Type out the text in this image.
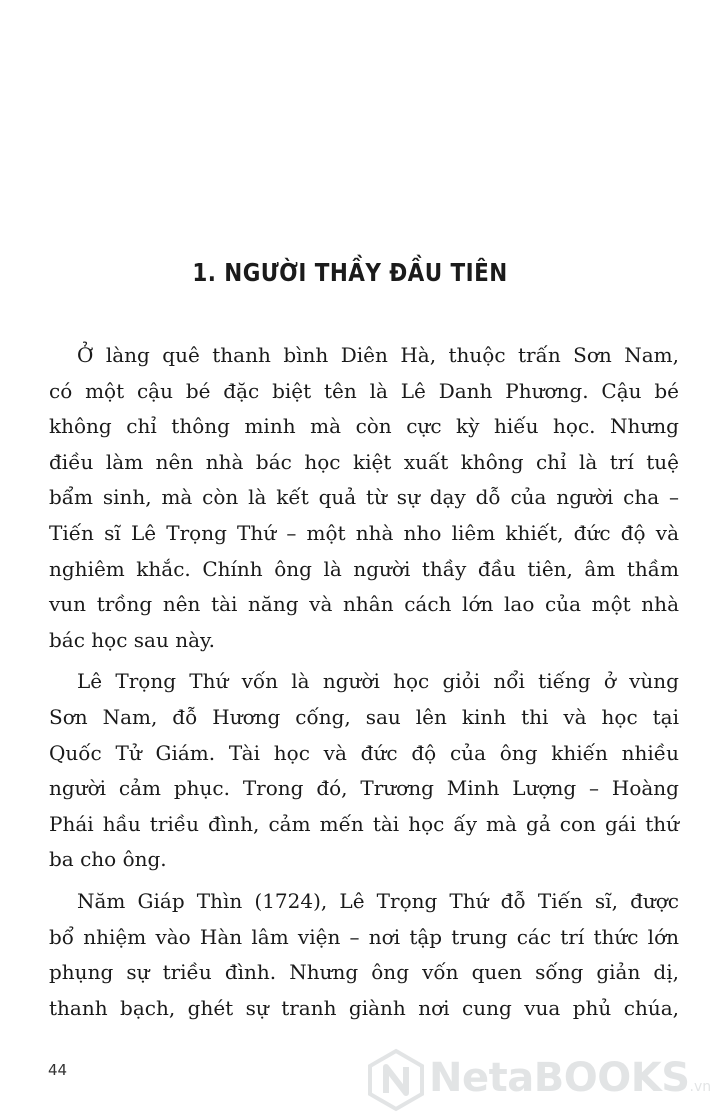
1. NGƯỜI THẦY ĐẦU TIÊN
Ở làng quê thanh bình Diên Hà, thuộc trấn Sơn Nam,
có một cậu bé đặc biệt tên là Lê Danh Phương. Cậu bé
không chỉ thông minh mà còn cực kỳ hiếu học. Nhưng
điều làm nên nhà bác học kiệt xuất không chỉ là trí tuệ
bẩm sinh, mà còn là kết quả từ sự dạy dỗ của người cha –
Tiến sĩ Lê Trọng Thứ – một nhà nho liêm khiết, đức độ và
nghiêm khắc. Chính ông là người thầy đầu tiên, âm thầm
vun trồng nên tài năng và nhân cách lớn lao của một nhà
bác học sau này.
Lê Trọng Thứ vốn là người học giỏi nổi tiếng ở vùng
Sơn Nam, đỗ Hương cống, sau lên kinh thi và học tại
Quốc Tử Giám. Tài học và đức độ của ông khiến nhiều
người cảm phục. Trong đó, Trương Minh Lượng – Hoàng
Phái hầu triều đình, cảm mến tài học ấy mà gả con gái thứ
ba cho ông.
Năm Giáp Thìn (1724), Lê Trọng Thứ đỗ Tiến sĩ, được
bổ nhiệm vào Hàn lâm viện – nơi tập trung các trí thức lớn
phụng sự triều đình. Nhưng ông vốn quen sống giản dị,
thanh bạch, ghét sự tranh giành nơi cung vua phủ chúa,
44	NetaBOOKS.vn
